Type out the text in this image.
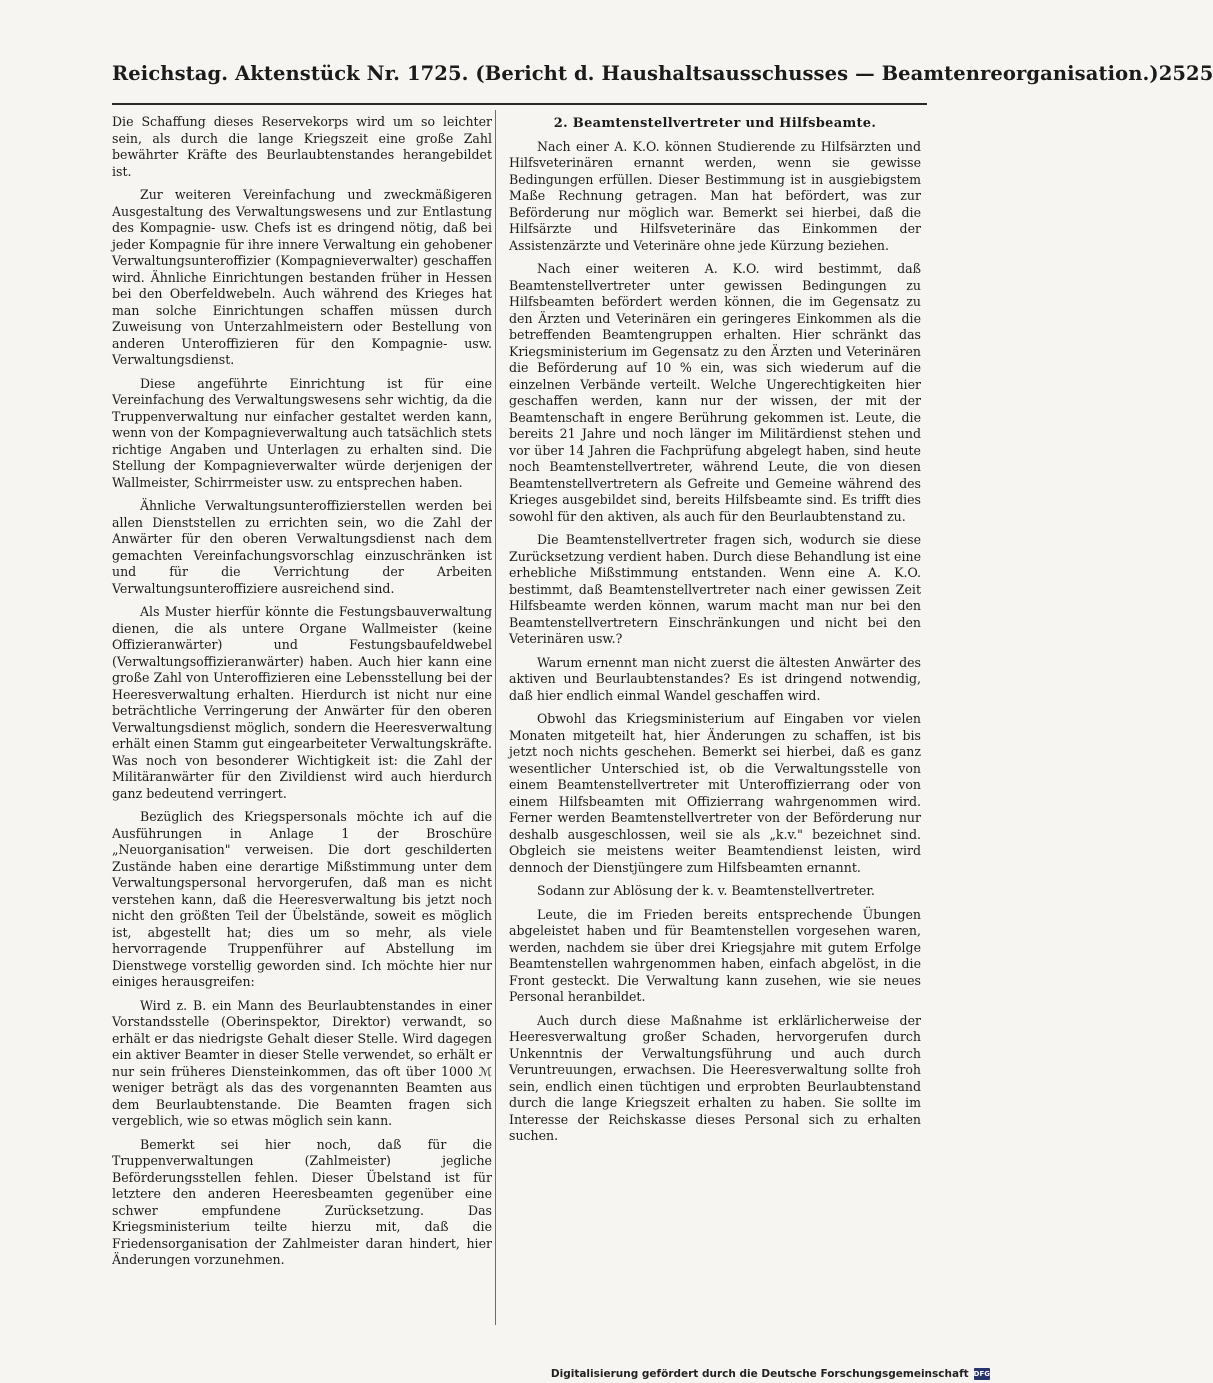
Reichstag. Aktenstück Nr. 1725. (Bericht d. Haushaltsausschusses — Beamtenreorganisation.) 2525

Die Schaffung dieses Reservekorps wird um so leichter sein, als durch die lange Kriegszeit eine große Zahl bewährter Kräfte des Beurlaubtenstandes herangebildet ist.

Zur weiteren Vereinfachung und zweckmäßigeren Ausgestaltung des Verwaltungswesens und zur Entlastung des Kompagnie- usw. Chefs ist es dringend nötig, daß bei jeder Kompagnie für ihre innere Verwaltung ein gehobener Verwaltungsunteroffizier (Kompagnieverwalter) geschaffen wird. Ähnliche Einrichtungen bestanden früher in Hessen bei den Oberfeldwebeln. Auch während des Krieges hat man solche Einrichtungen schaffen müssen durch Zuweisung von Unterzahlmeistern oder Bestellung von anderen Unteroffizieren für den Kompagnie- usw. Verwaltungsdienst.

Diese angeführte Einrichtung ist für eine Vereinfachung des Verwaltungswesens sehr wichtig, da die Truppenverwaltung nur einfacher gestaltet werden kann, wenn von der Kompagnieverwaltung auch tatsächlich stets richtige Angaben und Unterlagen zu erhalten sind. Die Stellung der Kompagnieverwalter würde derjenigen der Wallmeister, Schirrmeister usw. zu entsprechen haben.

Ähnliche Verwaltungsunteroffizierstellen werden bei allen Dienststellen zu errichten sein, wo die Zahl der Anwärter für den oberen Verwaltungsdienst nach dem gemachten Vereinfachungsvorschlag einzuschränken ist und für die Verrichtung der Arbeiten Verwaltungsunteroffiziere ausreichend sind.

Als Muster hierfür könnte die Festungsbauverwaltung dienen, die als untere Organe Wallmeister (keine Offizieranwärter) und Festungsbaufeldwebel (Verwaltungsoffizieranwärter) haben. Auch hier kann eine große Zahl von Unteroffizieren eine Lebensstellung bei der Heeresverwaltung erhalten. Hierdurch ist nicht nur eine beträchtliche Verringerung der Anwärter für den oberen Verwaltungsdienst möglich, sondern die Heeresverwaltung erhält einen Stamm gut eingearbeiteter Verwaltungskräfte. Was noch von besonderer Wichtigkeit ist: die Zahl der Militäranwärter für den Zivildienst wird auch hierdurch ganz bedeutend verringert.

Bezüglich des Kriegspersonals möchte ich auf die Ausführungen in Anlage 1 der Broschüre „Neuorganisation" verweisen. Die dort geschilderten Zustände haben eine derartige Mißstimmung unter dem Verwaltungspersonal hervorgerufen, daß man es nicht verstehen kann, daß die Heeresverwaltung bis jetzt noch nicht den größten Teil der Übelstände, soweit es möglich ist, abgestellt hat; dies um so mehr, als viele hervorragende Truppenführer auf Abstellung im Dienstwege vorstellig geworden sind. Ich möchte hier nur einiges herausgreifen:

Wird z. B. ein Mann des Beurlaubtenstandes in einer Vorstandsstelle (Oberinspektor, Direktor) verwandt, so erhält er das niedrigste Gehalt dieser Stelle. Wird dagegen ein aktiver Beamter in dieser Stelle verwendet, so erhält er nur sein früheres Diensteinkommen, das oft über 1000 ℳ weniger beträgt als das des vorgenannten Beamten aus dem Beurlaubtenstande. Die Beamten fragen sich vergeblich, wie so etwas möglich sein kann.

Bemerkt sei hier noch, daß für die Truppenverwaltungen (Zahlmeister) jegliche Beförderungsstellen fehlen. Dieser Übelstand ist für letztere den anderen Heeresbeamten gegenüber eine schwer empfundene Zurücksetzung. Das Kriegsministerium teilte hierzu mit, daß die Friedensorganisation der Zahlmeister daran hindert, hier Änderungen vorzunehmen.

2. Beamtenstellvertreter und Hilfsbeamte.

Nach einer A. K.O. können Studierende zu Hilfsärzten und Hilfsveterinären ernannt werden, wenn sie gewisse Bedingungen erfüllen. Dieser Bestimmung ist in ausgiebigstem Maße Rechnung getragen. Man hat befördert, was zur Beförderung nur möglich war. Bemerkt sei hierbei, daß die Hilfsärzte und Hilfsveterinäre das Einkommen der Assistenzärzte und Veterinäre ohne jede Kürzung beziehen.

Nach einer weiteren A. K.O. wird bestimmt, daß Beamtenstellvertreter unter gewissen Bedingungen zu Hilfsbeamten befördert werden können, die im Gegensatz zu den Ärzten und Veterinären ein geringeres Einkommen als die betreffenden Beamtengruppen erhalten. Hier schränkt das Kriegsministerium im Gegensatz zu den Ärzten und Veterinären die Beförderung auf 10 % ein, was sich wiederum auf die einzelnen Verbände verteilt. Welche Ungerechtigkeiten hier geschaffen werden, kann nur der wissen, der mit der Beamtenschaft in engere Berührung gekommen ist. Leute, die bereits 21 Jahre und noch länger im Militärdienst stehen und vor über 14 Jahren die Fachprüfung abgelegt haben, sind heute noch Beamtenstellvertreter, während Leute, die von diesen Beamtenstellvertretern als Gefreite und Gemeine während des Krieges ausgebildet sind, bereits Hilfsbeamte sind. Es trifft dies sowohl für den aktiven, als auch für den Beurlaubtenstand zu.

Die Beamtenstellvertreter fragen sich, wodurch sie diese Zurücksetzung verdient haben. Durch diese Behandlung ist eine erhebliche Mißstimmung entstanden. Wenn eine A. K.O. bestimmt, daß Beamtenstellvertreter nach einer gewissen Zeit Hilfsbeamte werden können, warum macht man nur bei den Beamtenstellvertretern Einschränkungen und nicht bei den Veterinären usw.?

Warum ernennt man nicht zuerst die ältesten Anwärter des aktiven und Beurlaubtenstandes? Es ist dringend notwendig, daß hier endlich einmal Wandel geschaffen wird.

Obwohl das Kriegsministerium auf Eingaben vor vielen Monaten mitgeteilt hat, hier Änderungen zu schaffen, ist bis jetzt noch nichts geschehen. Bemerkt sei hierbei, daß es ganz wesentlicher Unterschied ist, ob die Verwaltungsstelle von einem Beamtenstellvertreter mit Unteroffizierrang oder von einem Hilfsbeamten mit Offizierrang wahrgenommen wird. Ferner werden Beamtenstellvertreter von der Beförderung nur deshalb ausgeschlossen, weil sie als „k.v." bezeichnet sind. Obgleich sie meistens weiter Beamtendienst leisten, wird dennoch der Dienstjüngere zum Hilfsbeamten ernannt.

Sodann zur Ablösung der k. v. Beamtenstellvertreter.

Leute, die im Frieden bereits entsprechende Übungen abgeleistet haben und für Beamtenstellen vorgesehen waren, werden, nachdem sie über drei Kriegsjahre mit gutem Erfolge Beamtenstellen wahrgenommen haben, einfach abgelöst, in die Front gesteckt. Die Verwaltung kann zusehen, wie sie neues Personal heranbildet.

Auch durch diese Maßnahme ist erklärlicherweise der Heeresverwaltung großer Schaden, hervorgerufen durch Unkenntnis der Verwaltungsführung und auch durch Veruntreuungen, erwachsen. Die Heeresverwaltung sollte froh sein, endlich einen tüchtigen und erprobten Beurlaubtenstand durch die lange Kriegszeit erhalten zu haben. Sie sollte im Interesse der Reichskasse dieses Personal sich zu erhalten suchen.

Digitalisierung gefördert durch die Deutsche Forschungsgemeinschaft DFG
